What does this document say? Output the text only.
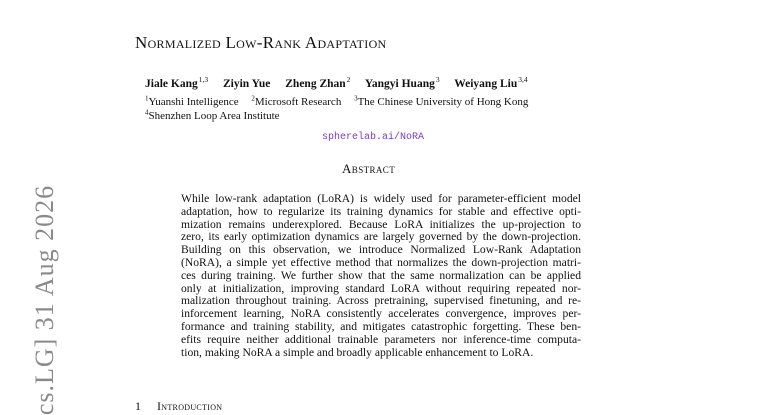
cs.LG] 31 Aug 2026
Normalized Low-Rank Adaptation
Jiale Kang$^{1,3}$ Ziyin Yue Zheng Zhan$^2$ Yangyi Huang$^3$ Weiyang Liu$^{3,4}$
$^1$Yuanshi Intelligence $^2$Microsoft Research $^3$The Chinese University of Hong Kong
$^4$Shenzhen Loop Area Institute
spherelab.ai/NoRA
Abstract
While low-rank adaptation (LoRA) is widely used for parameter-efficient model
adaptation, how to regularize its training dynamics for stable and effective opti-
mization remains underexplored. Because LoRA initializes the up-projection to
zero, its early optimization dynamics are largely governed by the down-projection.
Building on this observation, we introduce Normalized Low-Rank Adaptation
(NoRA), a simple yet effective method that normalizes the down-projection matri-
ces during training. We further show that the same normalization can be applied
only at initialization, improving standard LoRA without requiring repeated nor-
malization throughout training. Across pretraining, supervised finetuning, and re-
inforcement learning, NoRA consistently accelerates convergence, improves per-
formance and training stability, and mitigates catastrophic forgetting. These ben-
efits require neither additional trainable parameters nor inference-time computa-
tion, making NoRA a simple and broadly applicable enhancement to LoRA.
1 Introduction
